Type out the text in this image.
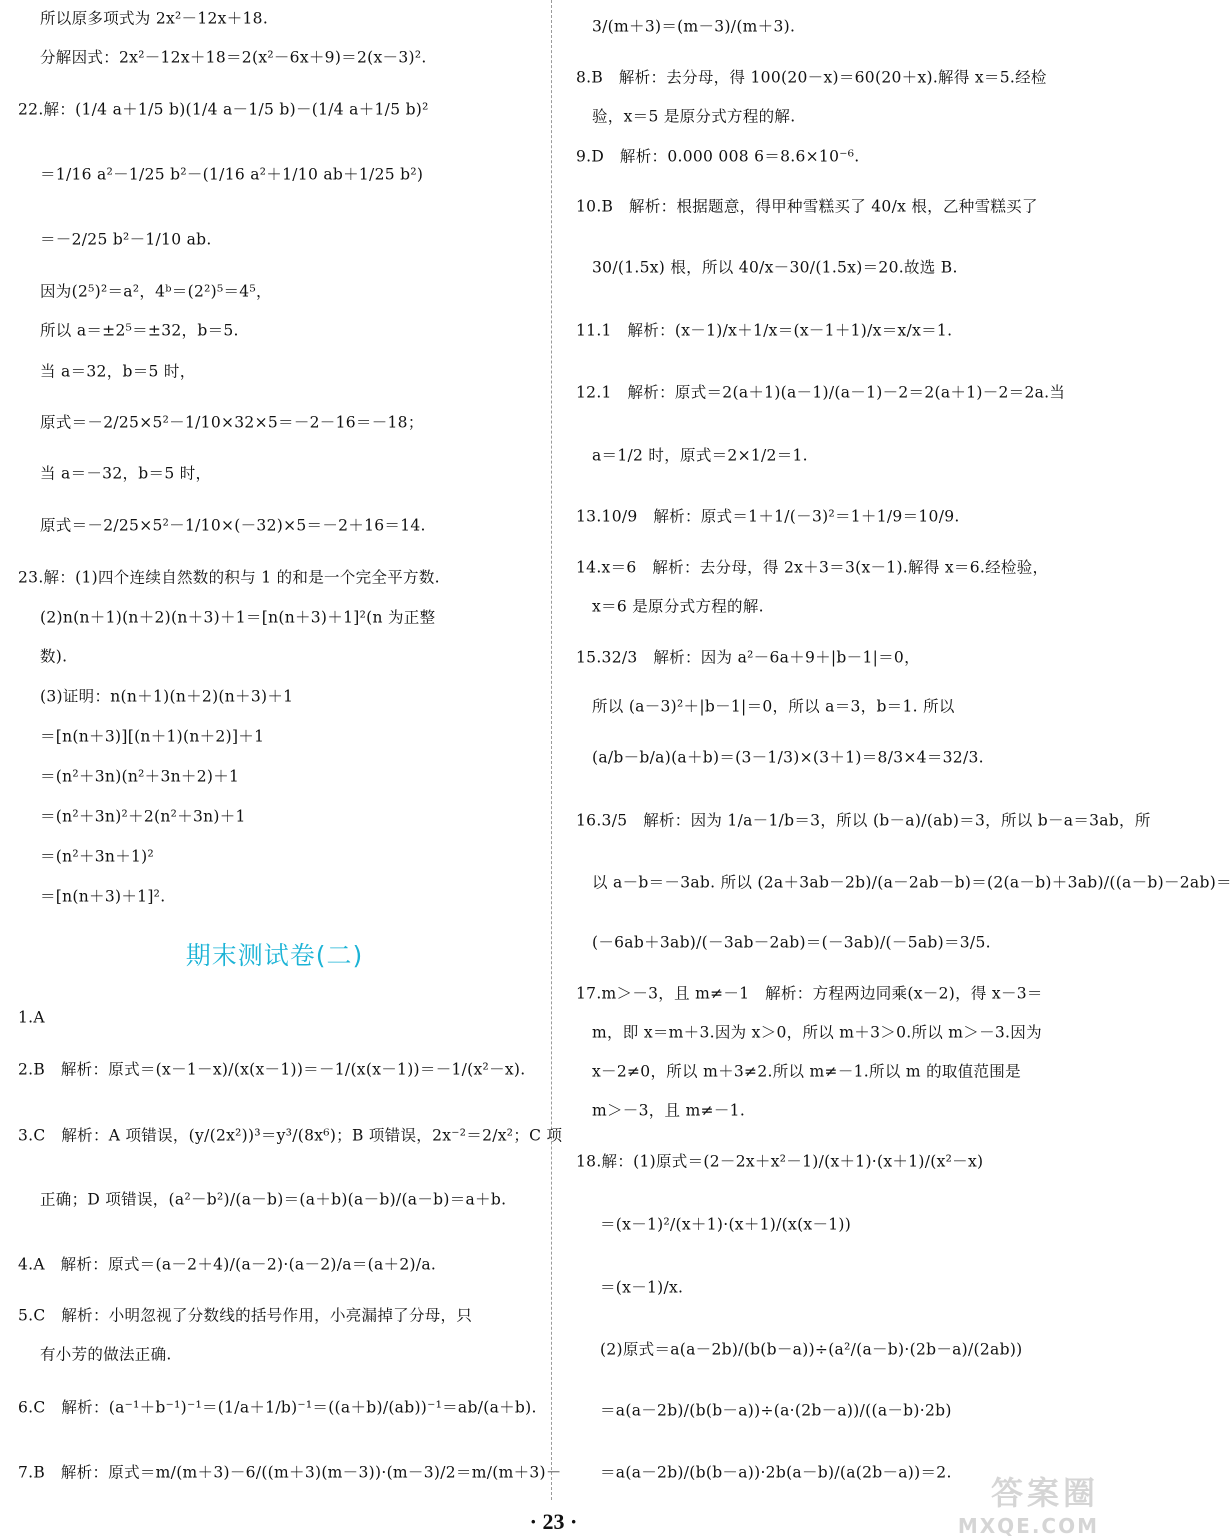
所以原多项式为 2x²－12x＋18.
分解因式：2x²－12x＋18＝2(x²－6x＋9)＝2(x－3)².
22.解：(1/4 a＋1/5 b)(1/4 a－1/5 b)－(1/4 a＋1/5 b)²
＝1/16 a²－1/25 b²－(1/16 a²＋1/10 ab＋1/25 b²)
＝－2/25 b²－1/10 ab.
因为(2⁵)²＝a²，4ᵇ＝(2²)⁵＝4⁵，
所以 a＝±2⁵＝±32，b＝5.
当 a＝32，b＝5 时，
原式＝－2/25×5²－1/10×32×5＝－2－16＝－18；
当 a＝－32，b＝5 时，
原式＝－2/25×5²－1/10×(－32)×5＝－2＋16＝14.
23.解：(1)四个连续自然数的积与 1 的和是一个完全平方数.
(2)n(n＋1)(n＋2)(n＋3)＋1＝[n(n＋3)＋1]²(n 为正整
数).
(3)证明：n(n＋1)(n＋2)(n＋3)＋1
＝[n(n＋3)][(n＋1)(n＋2)]＋1
＝(n²＋3n)(n²＋3n＋2)＋1
＝(n²＋3n)²＋2(n²＋3n)＋1
＝(n²＋3n＋1)²
＝[n(n＋3)＋1]².
期末测试卷(二)
1.A
2.B　解析：原式＝(x－1－x)/(x(x－1))＝－1/(x(x－1))＝－1/(x²－x).
3.C　解析：A 项错误，(y/(2x²))³＝y³/(8x⁶)；B 项错误，2x⁻²＝2/x²；C 项
正确；D 项错误，(a²－b²)/(a－b)＝(a＋b)(a－b)/(a－b)＝a＋b.
4.A　解析：原式＝(a－2＋4)/(a－2)·(a－2)/a＝(a＋2)/a.
5.C　解析：小明忽视了分数线的括号作用，小亮漏掉了分母，只
有小芳的做法正确.
6.C　解析：(a⁻¹＋b⁻¹)⁻¹＝(1/a＋1/b)⁻¹＝((a＋b)/(ab))⁻¹＝ab/(a＋b).
7.B　解析：原式＝m/(m＋3)－6/((m＋3)(m－3))·(m－3)/2＝m/(m＋3)－
3/(m＋3)＝(m－3)/(m＋3).
8.B　解析：去分母，得 100(20－x)＝60(20＋x).解得 x＝5.经检
验，x＝5 是原分式方程的解.
9.D　解析：0.000 008 6＝8.6×10⁻⁶.
10.B　解析：根据题意，得甲种雪糕买了 40/x 根，乙种雪糕买了
30/(1.5x) 根，所以 40/x－30/(1.5x)＝20.故选 B.
11.1　解析：(x－1)/x＋1/x＝(x－1＋1)/x＝x/x＝1.
12.1　解析：原式＝2(a＋1)(a－1)/(a－1)－2＝2(a＋1)－2＝2a.当
a＝1/2 时，原式＝2×1/2＝1.
13.10/9　解析：原式＝1＋1/(－3)²＝1＋1/9＝10/9.
14.x＝6　解析：去分母，得 2x＋3＝3(x－1).解得 x＝6.经检验，
x＝6 是原分式方程的解.
15.32/3　解析：因为 a²－6a＋9＋|b－1|＝0，
所以 (a－3)²＋|b－1|＝0，所以 a＝3，b＝1. 所以
(a/b－b/a)(a＋b)＝(3－1/3)×(3＋1)＝8/3×4＝32/3.
16.3/5　解析：因为 1/a－1/b＝3，所以 (b－a)/(ab)＝3，所以 b－a＝3ab，所
以 a－b＝－3ab. 所以 (2a＋3ab－2b)/(a－2ab－b)＝(2(a－b)＋3ab)/((a－b)－2ab)＝
(－6ab＋3ab)/(－3ab－2ab)＝(－3ab)/(－5ab)＝3/5.
17.m＞－3，且 m≠－1　解析：方程两边同乘(x－2)，得 x－3＝
m，即 x＝m＋3.因为 x＞0，所以 m＋3＞0.所以 m＞－3.因为
x－2≠0，所以 m＋3≠2.所以 m≠－1.所以 m 的取值范围是
m＞－3，且 m≠－1.
18.解：(1)原式＝(2－2x＋x²－1)/(x＋1)·(x＋1)/(x²－x)
＝(x－1)²/(x＋1)·(x＋1)/(x(x－1))
＝(x－1)/x.
(2)原式＝a(a－2b)/(b(b－a))÷(a²/(a－b)·(2b－a)/(2ab))
＝a(a－2b)/(b(b－a))÷(a·(2b－a))/((a－b)·2b)
＝a(a－2b)/(b(b－a))·2b(a－b)/(a(2b－a))＝2.
· 23 ·
答案圈
MXQE.COM
